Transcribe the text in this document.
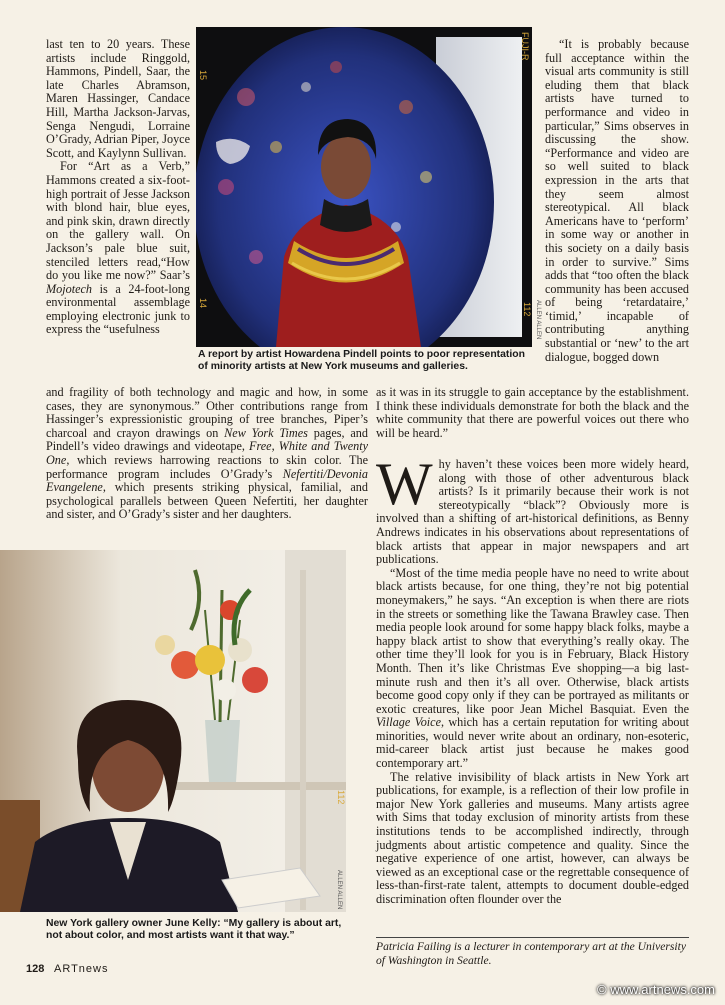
FUJI-R
15
14	112 ALLEN ALLEN
A report by artist Howardena Pindell points to poor representation of minority artists at New York museums and galleries.

last ten to 20 years. These artists include Ringgold, Hammons, Pindell, Saar, the late Charles Abramson, Maren Hassinger, Candace Hill, Martha Jackson-Jarvas, Senga Nengudi, Lorraine O’Grady, Adrian Piper, Joyce Scott, and Kaylynn Sullivan.

For “Art as a Verb,” Hammons created a six-foot-high portrait of Jesse Jackson with blond hair, blue eyes, and pink skin, drawn directly on the gallery wall. On Jackson’s pale blue suit, stenciled letters read,“How do you like me now?” Saar’s Mojotech is a 24-foot-long environmental assemblage employing electronic junk to express the “usefulness

and fragility of both technology and magic and how, in some cases, they are synonymous.” Other contributions range from Hassinger’s expressionistic grouping of tree branches, Piper’s charcoal and crayon drawings on New York Times pages, and Pindell’s video drawings and videotape, Free, White and Twenty One, which reviews harrowing reactions to skin color. The performance program includes O’Grady’s Nefertiti/Devonia Evangelene, which presents striking physical, familial, and psychological parallels between Queen Nefertiti, her daughter and sister, and O’Grady’s sister and her daughters.

“It is probably because full acceptance within the visual arts community is still eluding them that black artists have turned to performance and video in particular,” Sims observes in discussing the show. “Performance and video are so well suited to black expression in the arts that they seem almost stereotypical. All black Americans have to ‘perform’ in some way or another in this society on a daily basis in order to survive.” Sims adds that “too often the black community has been accused of being ‘retardataire,’ ‘timid,’ incapable of contributing anything substantial or ‘new’ to the art dialogue, bogged down

as it was in its struggle to gain acceptance by the establishment. I think these individuals demonstrate for both the black and the white community that there are powerful voices out there who will be heard.”

112
ALLEN ALLEN
New York gallery owner June Kelly: “My gallery is about art, not about color, and most artists want it that way.”

Why haven’t these voices been more widely heard, along with those of other adventurous black artists? Is it primarily because their work is not stereotypically “black”? Obviously more is involved than a shifting of art-historical definitions, as Benny Andrews indicates in his observations about representations of black artists that appear in major newspapers and art publications.

“Most of the time media people have no need to write about black artists because, for one thing, they’re not big potential moneymakers,” he says. “An exception is when there are riots in the streets or something like the Tawana Brawley case. Then media people look around for some happy black folks, maybe a happy black artist to show that everything’s really okay. The other time they’ll look for you is in February, Black History Month. Then it’s like Christmas Eve shopping—a big last-minute rush and then it’s all over. Otherwise, black artists become good copy only if they can be portrayed as militants or exotic creatures, like poor Jean Michel Basquiat. Even the Village Voice, which has a certain reputation for writing about minorities, would never write about an ordinary, non-esoteric, mid-career black artist just because he makes good contemporary art.”

The relative invisibility of black artists in New York art publications, for example, is a reflection of their low profile in major New York galleries and museums. Many artists agree with Sims that today exclusion of minority artists from these institutions tends to be accomplished indirectly, through judgments about artistic competence and quality. Since the negative experience of one artist, however, can always be viewed as an exceptional case or the regrettable consequence of less-than-first-rate talent, attempts to document double-edged discrimination often flounder over the

Patricia Failing is a lecturer in contemporary art at the University of Washington in Seattle.
128 ARTnews
© www.artnews.com
